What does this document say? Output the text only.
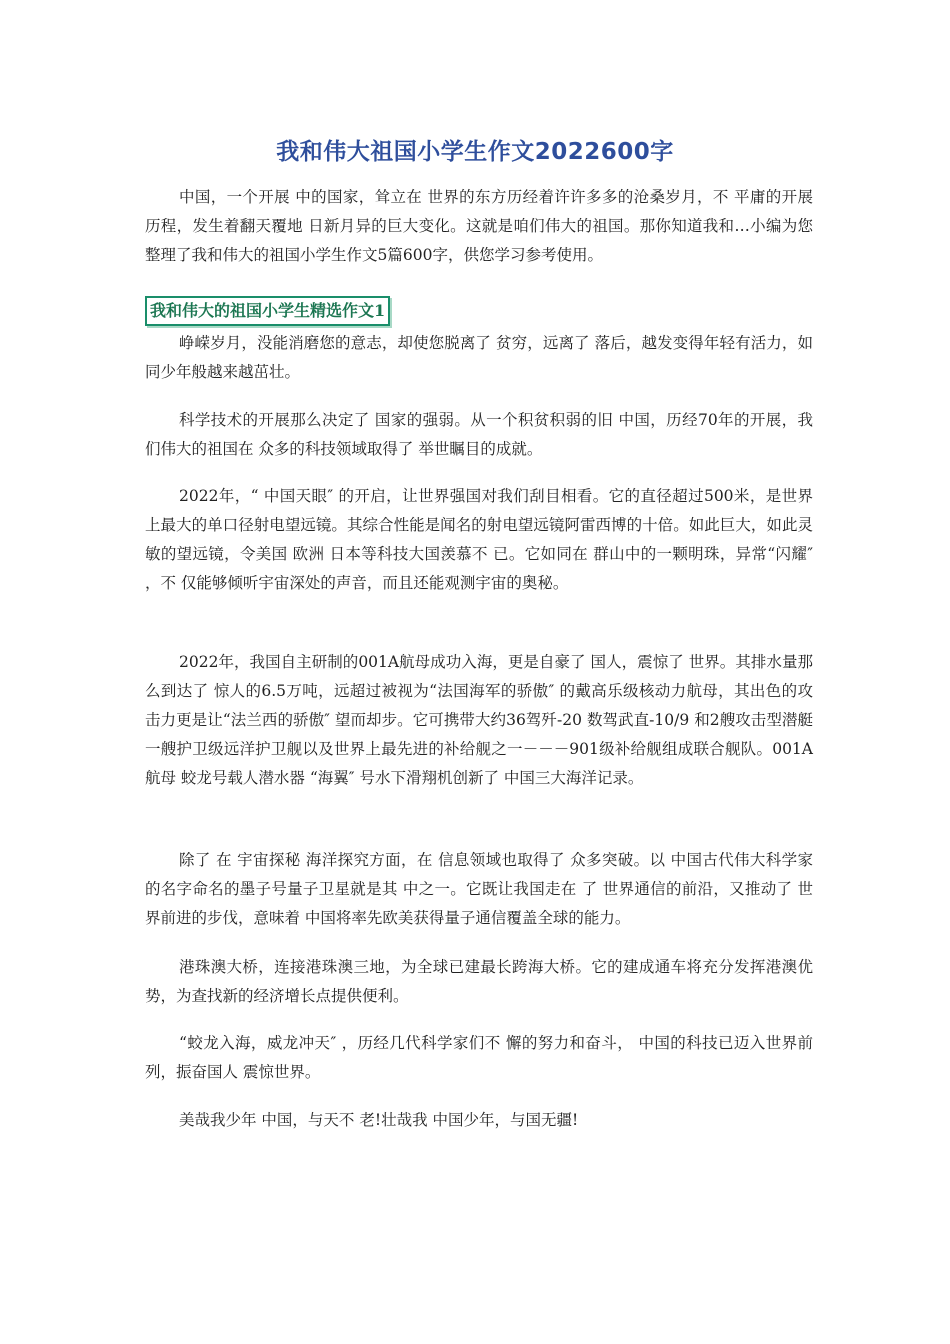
我和伟大祖国小学生作文2022600字

中国，一个开展 中的国家，耸立在 世界的东方历经着许许多多的沧桑岁月，不 平庸的开展历程，发生着翻天覆地 日新月异的巨大变化。这就是咱们伟大的祖国。那你知道我和…小编为您整理了我和伟大的祖国小学生作文5篇600字，供您学习参考使用。

我和伟大的祖国小学生精选作文1

峥嵘岁月，没能消磨您的意志，却使您脱离了 贫穷，远离了 落后，越发变得年轻有活力，如同少年般越来越茁壮。

科学技术的开展那么决定了 国家的强弱。从一个积贫积弱的旧 中国，历经70年的开展，我们伟大的祖国在 众多的科技领域取得了 举世瞩目的成就。

2022年，“ 中国天眼″ 的开启，让世界强国对我们刮目相看。它的直径超过500米，是世界上最大的单口径射电望远镜。其综合性能是闻名的射电望远镜阿雷西博的十倍。如此巨大，如此灵敏的望远镜，令美国 欧洲 日本等科技大国羡慕不 已。它如同在 群山中的一颗明珠，异常“闪耀″ ，不 仅能够倾听宇宙深处的声音，而且还能观测宇宙的奥秘。

2022年，我国自主研制的001A航母成功入海，更是自豪了 国人，震惊了 世界。其排水量那么到达了 惊人的6.5万吨，远超过被视为“法国海军的骄傲″ 的戴高乐级核动力航母，其出色的攻击力更是让“法兰西的骄傲″ 望而却步。它可携带大约36驾歼-20 数驾武直-10/9 和2艘攻击型潜艇 一艘护卫级远洋护卫舰以及世界上最先进的补给舰之一－－－901级补给舰组成联合舰队。001A航母 蛟龙号载人潜水器 “海翼″ 号水下滑翔机创新了 中国三大海洋记录。

除了 在 宇宙探秘 海洋探究方面，在 信息领域也取得了 众多突破。以 中国古代伟大科学家的名字命名的墨子号量子卫星就是其 中之一。它既让我国走在 了 世界通信的前沿，又推动了 世界前进的步伐，意味着 中国将率先欧美获得量子通信覆盖全球的能力。

港珠澳大桥，连接港珠澳三地，为全球已建最长跨海大桥。它的建成通车将充分发挥港澳优势，为查找新的经济增长点提供便利。

“蛟龙入海，威龙冲天″ ，历经几代科学家们不 懈的努力和奋斗， 中国的科技已迈入世界前列，振奋国人 震惊世界。

美哉我少年 中国，与天不 老!壮哉我 中国少年，与国无疆!
